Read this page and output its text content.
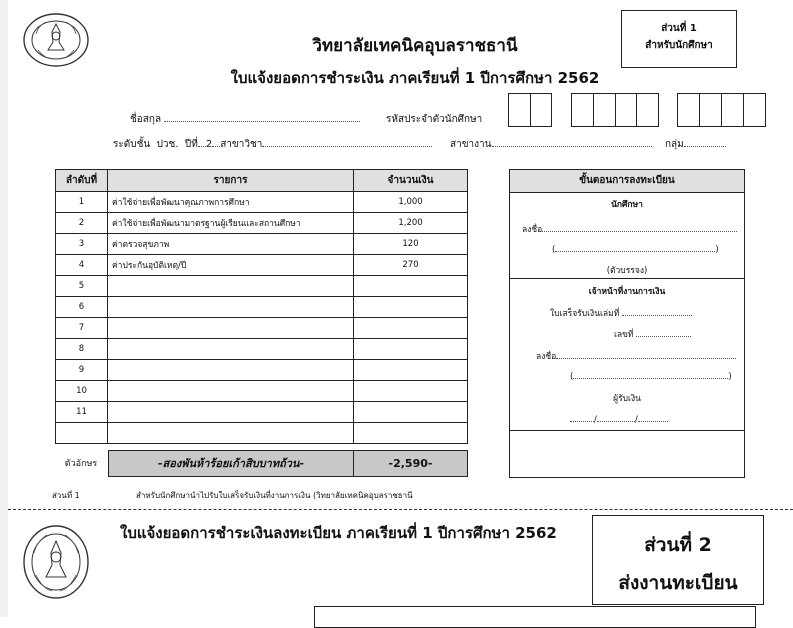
วิทยาลัยเทคนิคอุบลราชธานี
ใบแจ้งยอดการชำระเงิน ภาคเรียนที่ 1 ปีการศึกษา 2562
ส่วนที่ 1
สำหรับนักศึกษา
ชื่อสกุล	รหัสประจำตัวนักศึกษา
ระดับชั้น ปวช. ปีที่ 2 สาขาวิชา	สาขางาน	กลุ่ม
ลำดับที่	รายการ	จำนวนเงิน
1	ค่าใช้จ่ายเพื่อพัฒนาคุณภาพการศึกษา	1,000
2	ค่าใช้จ่ายเพื่อพัฒนามาตรฐานผู้เรียนและสถานศึกษา	1,200
3	ค่าตรวจสุขภาพ	120
4	ค่าประกันอุบัติเหตุ/ปี	270
5		
6		
7		
8		
9		
10		
11		

ตัวอักษร	-สองพันห้าร้อยเก้าสิบบาทถ้วน-	-2,590-
ขั้นตอนการลงทะเบียน
นักศึกษา
ลงชื่อ
(	)
(ตัวบรรจง)
เจ้าหน้าที่งานการเงิน
ใบเสร็จรับเงินเล่มที่
เลขที่
ลงชื่อ
(	)
ผู้รับเงิน
/	/
ส่วนที่ 1	สำหรับนักศึกษานำไปรับใบเสร็จรับเงินที่งานการเงิน (วิทยาลัยเทคนิคอุบลราชธานี
ใบแจ้งยอดการชำระเงินลงทะเบียน ภาคเรียนที่ 1 ปีการศึกษา 2562
ส่วนที่ 2
ส่งงานทะเบียน
